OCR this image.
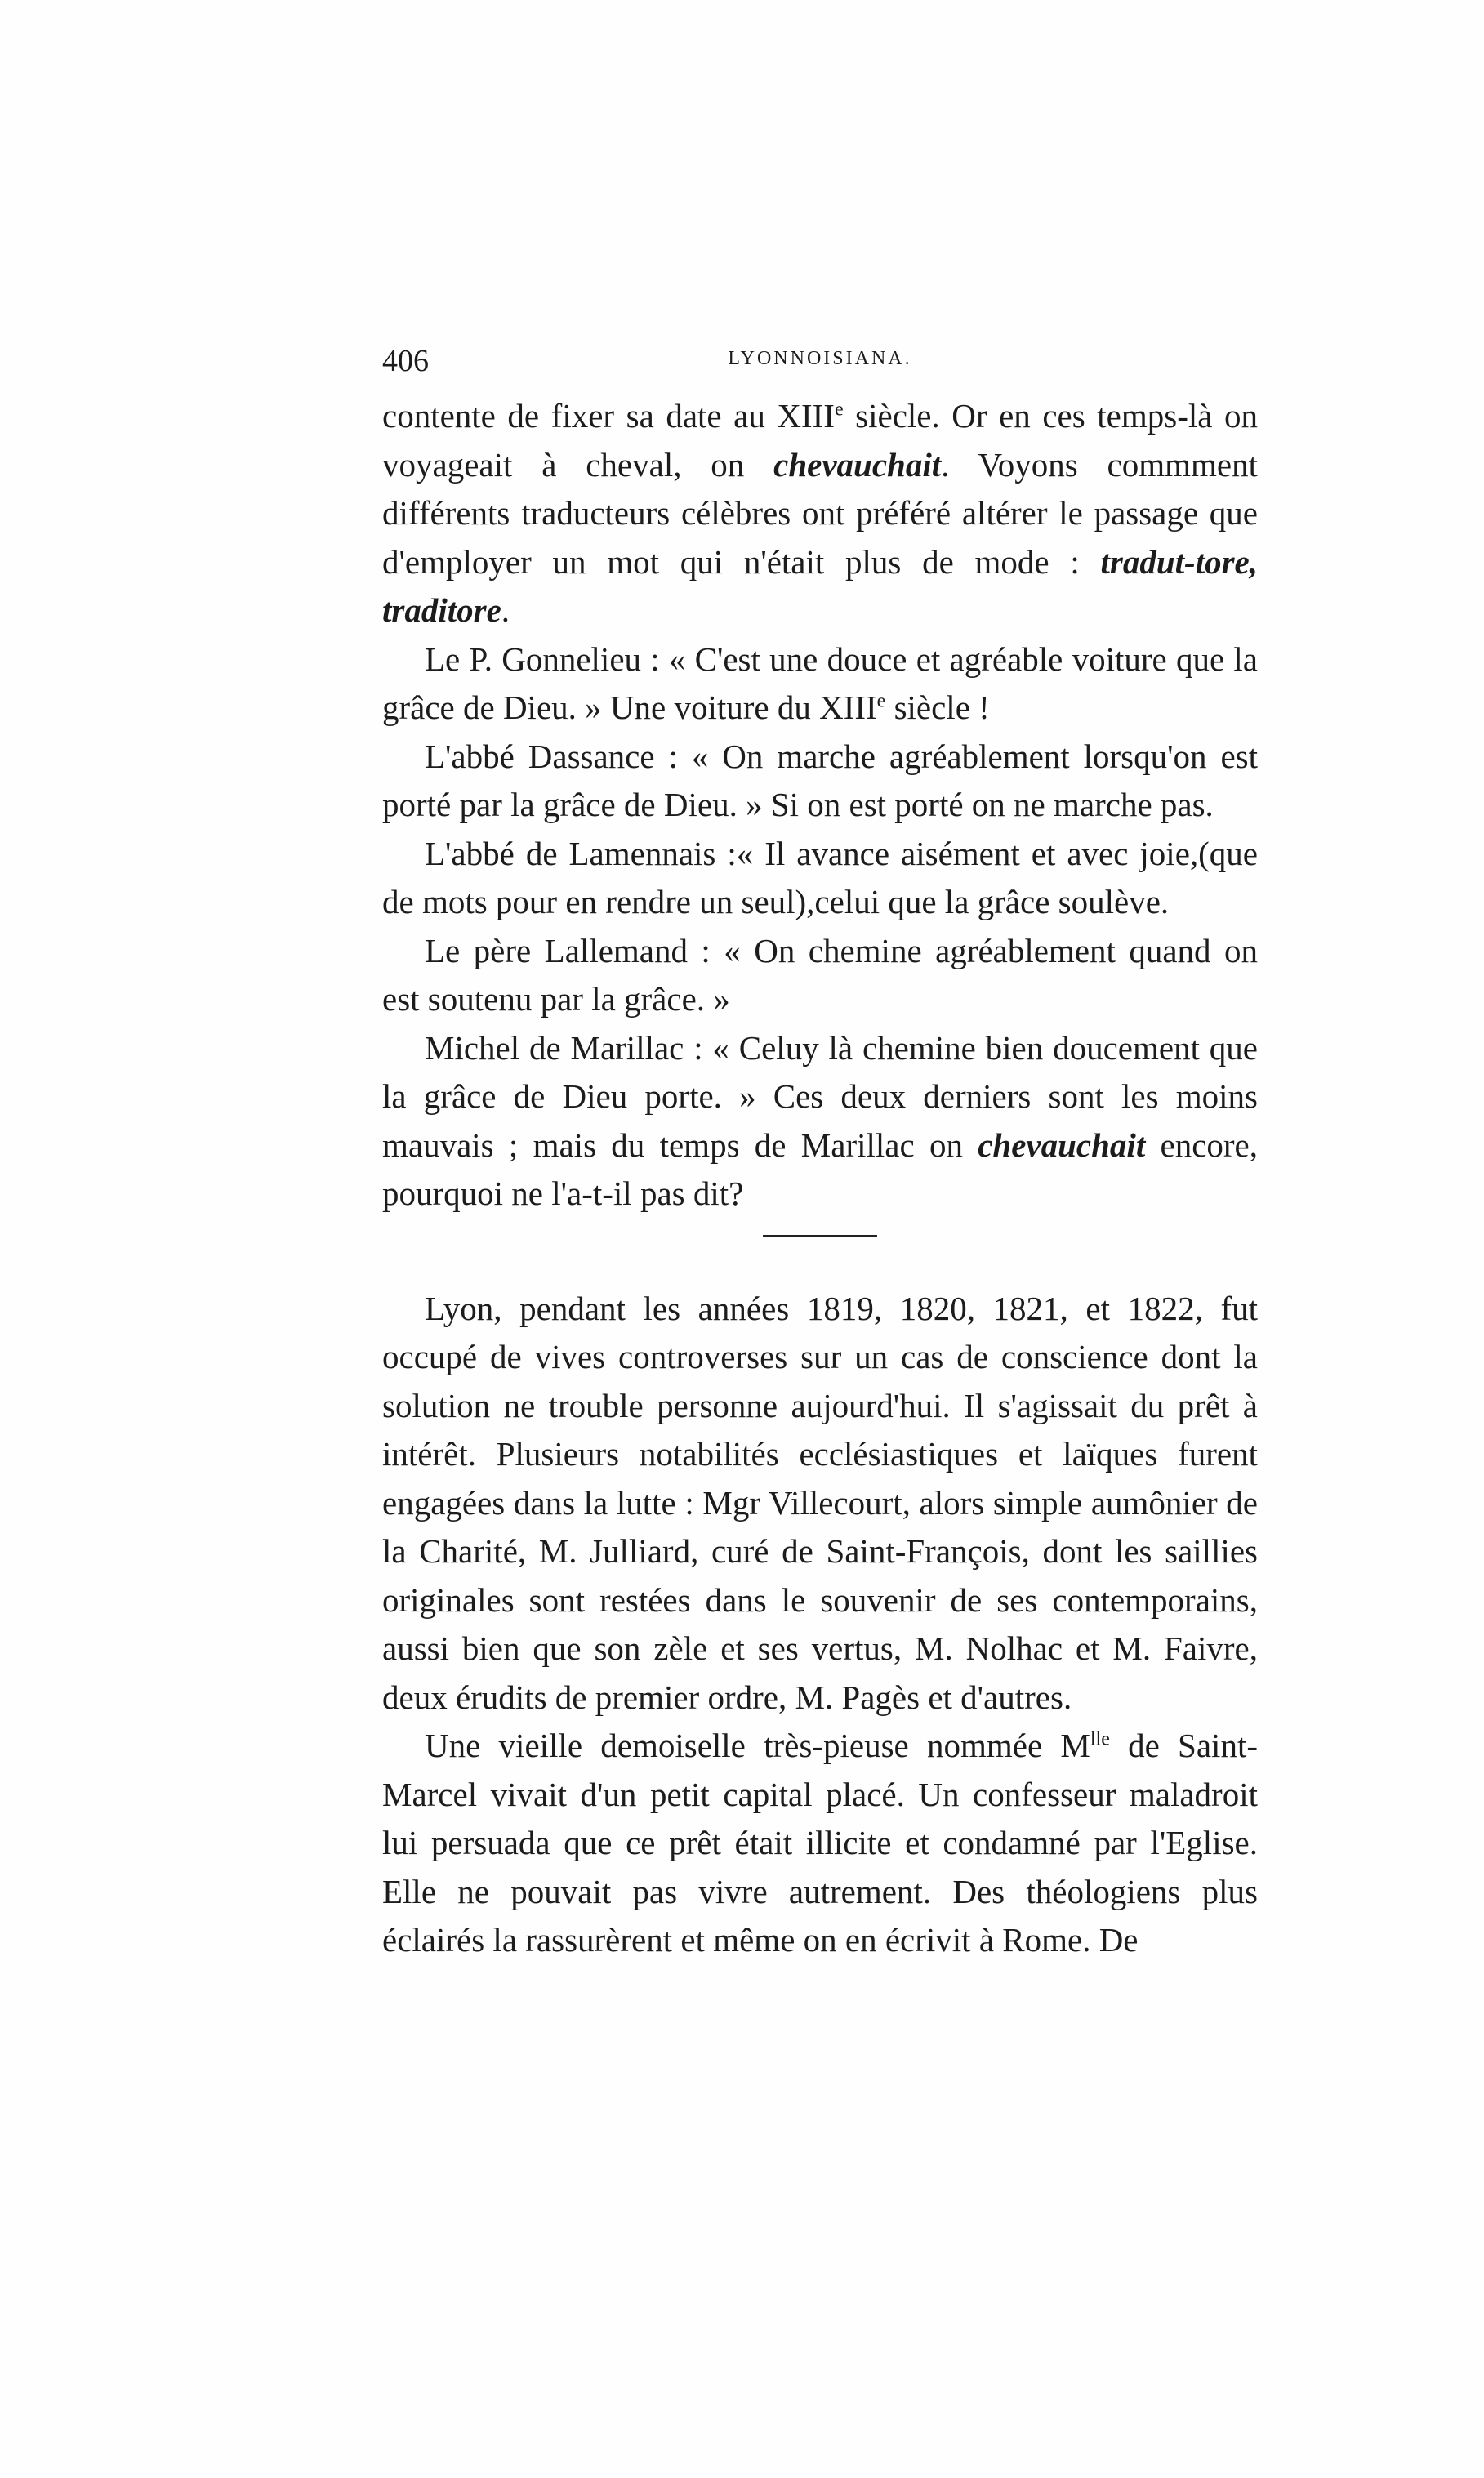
406	LYONNOISIANA.

contente de fixer sa date au XIIIe siècle. Or en ces temps-là on voyageait à cheval, on chevauchait. Voyons commment différents traducteurs célèbres ont préféré altérer le passage que d'employer un mot qui n'était plus de mode : tradut-tore, traditore.

Le P. Gonnelieu : « C'est une douce et agréable voiture que la grâce de Dieu. » Une voiture du XIIIe siècle !

L'abbé Dassance : « On marche agréablement lorsqu'on est porté par la grâce de Dieu. » Si on est porté on ne marche pas.

L'abbé de Lamennais :« Il avance aisément et avec joie,(que de mots pour en rendre un seul),celui que la grâce soulève.

Le père Lallemand : « On chemine agréablement quand on est soutenu par la grâce. »

Michel de Marillac : « Celuy là chemine bien doucement que la grâce de Dieu porte. » Ces deux derniers sont les moins mauvais ; mais du temps de Marillac on chevauchait encore, pourquoi ne l'a-t-il pas dit?

Lyon, pendant les années 1819, 1820, 1821, et 1822, fut occupé de vives controverses sur un cas de conscience dont la solution ne trouble personne aujourd'hui. Il s'agissait du prêt à intérêt. Plusieurs notabilités ecclésiastiques et laïques furent engagées dans la lutte : Mgr Villecourt, alors simple aumônier de la Charité, M. Julliard, curé de Saint-François, dont les saillies originales sont restées dans le souvenir de ses contemporains, aussi bien que son zèle et ses vertus, M. Nolhac et M. Faivre, deux érudits de premier ordre, M. Pagès et d'autres.

Une vieille demoiselle très-pieuse nommée $M^{lle}$ de Saint-Marcel vivait d'un petit capital placé. Un confesseur maladroit lui persuada que ce prêt était illicite et condamné par l'Eglise. Elle ne pouvait pas vivre autrement. Des théologiens plus éclairés la rassurèrent et même on en écrivit à Rome. De
